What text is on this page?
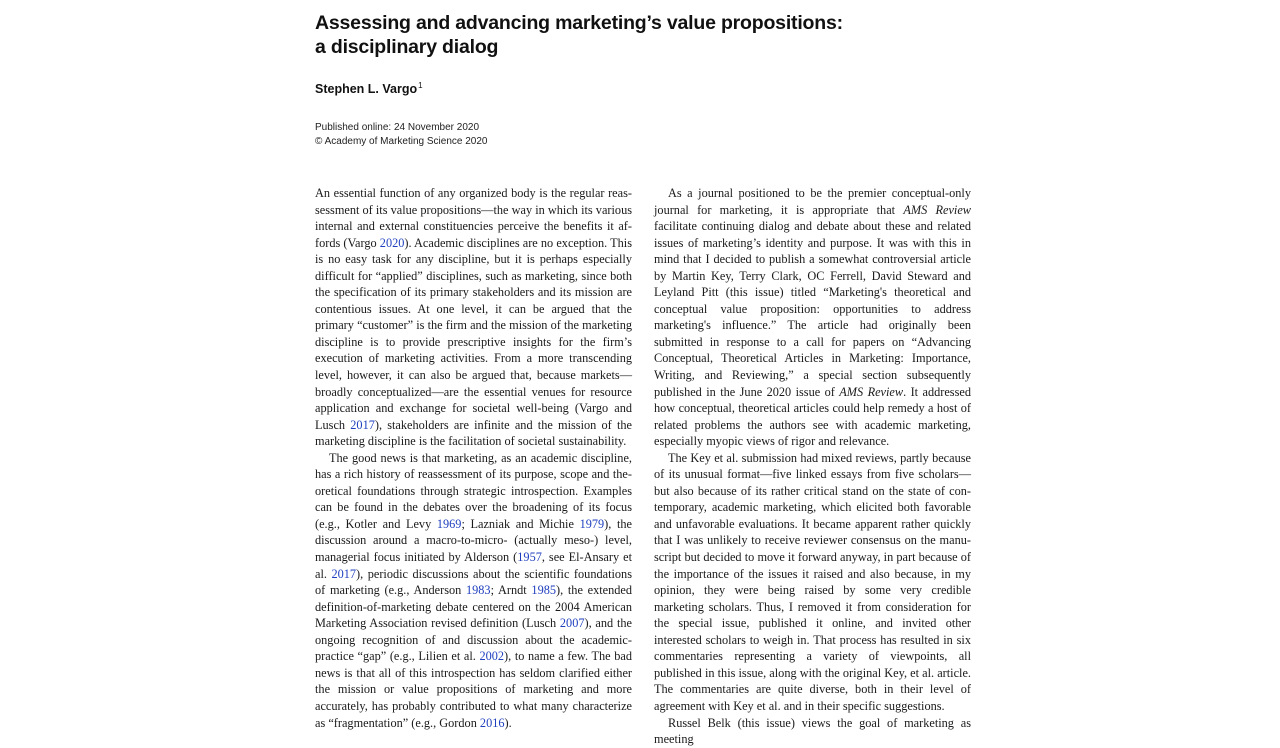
Assessing and advancing marketing’s value propositions:
a disciplinary dialog
Stephen L. Vargo$^1$
Published online: 24 November 2020
© Academy of Marketing Science 2020

An essential function of any organized body is the regular reassessment of its value propositions—the way in which its various internal and external constituencies perceive the benefits it affords (Vargo 2020). Academic disciplines are no exception. This is no easy task for any discipline, but it is perhaps especially difficult for “applied” disciplines, such as marketing, since both the specification of its primary stakeholders and its mission are contentious issues. At one level, it can be argued that the primary “customer” is the firm and the mission of the marketing discipline is to provide prescriptive insights for the firm’s execution of marketing activities. From a more transcending level, however, it can also be argued that, because markets—broadly conceptualized—are the essential venues for resource application and exchange for societal well-being (Vargo and Lusch 2017), stakeholders are infinite and the mission of the marketing discipline is the facilitation of societal sustainability.

The good news is that marketing, as an academic discipline, has a rich history of reassessment of its purpose, scope and theoretical foundations through strategic introspection. Examples can be found in the debates over the broadening of its focus (e.g., Kotler and Levy 1969; Lazniak and Michie 1979), the discussion around a macro-to-micro- (actually meso-) level, managerial focus initiated by Alderson (1957, see El-Ansary et al. 2017), periodic discussions about the scientific foundations of marketing (e.g., Anderson 1983; Arndt 1985), the extended definition-of-marketing debate centered on the 2004 American Marketing Association revised definition (Lusch 2007), and the ongoing recognition of and discussion about the academic-practice “gap” (e.g., Lilien et al. 2002), to name a few. The bad news is that all of this introspection has seldom clarified either the mission or value propositions of marketing and more accurately, has probably contributed to what many characterize as “fragmentation” (e.g., Gordon 2016).

As a journal positioned to be the premier conceptual-only journal for marketing, it is appropriate that AMS Review facilitate continuing dialog and debate about these and related issues of marketing’s identity and purpose. It was with this in mind that I decided to publish a somewhat controversial article by Martin Key, Terry Clark, OC Ferrell, David Steward and Leyland Pitt (this issue) titled “Marketing's theoretical and conceptual value proposition: opportunities to address marketing's influence.” The article had originally been submitted in response to a call for papers on “Advancing Conceptual, Theoretical Articles in Marketing: Importance, Writing, and Reviewing,” a special section subsequently published in the June 2020 issue of AMS Review. It addressed how conceptual, theoretical articles could help remedy a host of related problems the authors see with academic marketing, especially myopic views of rigor and relevance.

The Key et al. submission had mixed reviews, partly because of its unusual format—five linked essays from five scholars—but also because of its rather critical stand on the state of contemporary, academic marketing, which elicited both favorable and unfavorable evaluations. It became apparent rather quickly that I was unlikely to receive reviewer consensus on the manuscript but decided to move it forward anyway, in part because of the importance of the issues it raised and also because, in my opinion, they were being raised by some very credible marketing scholars. Thus, I removed it from consideration for the special issue, published it online, and invited other interested scholars to weigh in. That process has resulted in six commentaries representing a variety of viewpoints, all published in this issue, along with the original Key, et al. article. The commentaries are quite diverse, both in their level of agreement with Key et al. and in their specific suggestions.

Russel Belk (this issue) views the goal of marketing as meeting
